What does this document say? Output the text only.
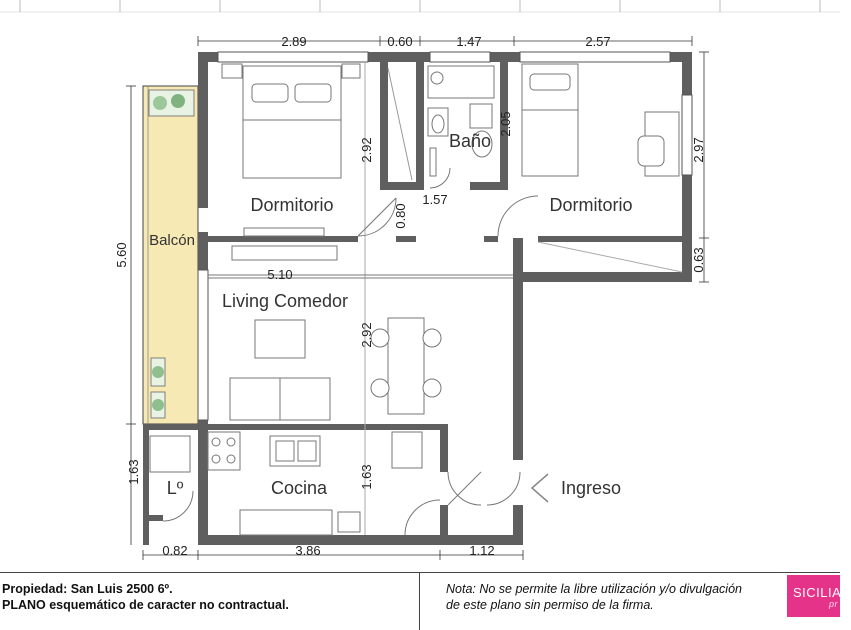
2.89	0.60	1.47	2.57
5.60
2.97
0.63
2.92
2.05
1.57
0.80
5.10
2.92
1.63
1.63
0.82	3.86	1.12
Dormitorio
Baño
Dormitorio
Balcón
Living Comedor
Cocina
Lº	Ingreso
Propiedad: San Luis 2500 6º.
PLANO esquemático de caracter no contractual.
Nota: No se permite la libre utilización y/o divulgación
de este plano sin permiso de la firma.
SICILIAN
pr
